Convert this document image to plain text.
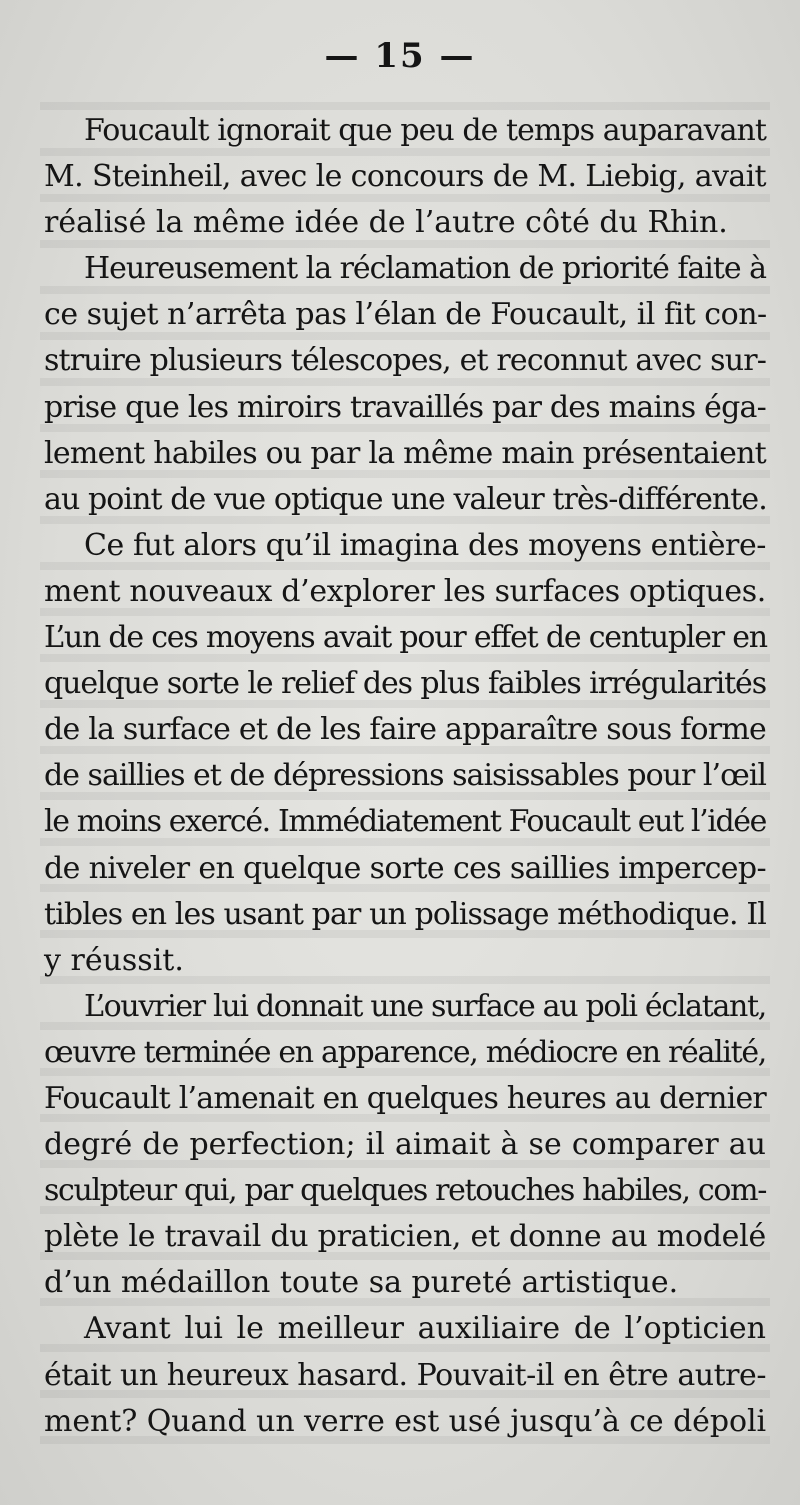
— 15 —
Foucault ignorait que peu de temps auparavant
M. Steinheil, avec le concours de M. Liebig, avait
réalisé la même idée de l’autre côté du Rhin.
Heureusement la réclamation de priorité faite à
ce sujet n’arrêta pas l’élan de Foucault, il fit con-
struire plusieurs télescopes, et reconnut avec sur-
prise que les miroirs travaillés par des mains éga-
lement habiles ou par la même main présentaient
au point de vue optique une valeur très-différente.
Ce fut alors qu’il imagina des moyens entière-
ment nouveaux d’explorer les surfaces optiques.
L’un de ces moyens avait pour effet de centupler en
quelque sorte le relief des plus faibles irrégularités
de la surface et de les faire apparaître sous forme
de saillies et de dépressions saisissables pour l’œil
le moins exercé. Immédiatement Foucault eut l’idée
de niveler en quelque sorte ces saillies impercep-
tibles en les usant par un polissage méthodique. Il
y réussit.
L’ouvrier lui donnait une surface au poli éclatant,
œuvre terminée en apparence, médiocre en réalité,
Foucault l’amenait en quelques heures au dernier
degré de perfection; il aimait à se comparer au
sculpteur qui, par quelques retouches habiles, com-
plète le travail du praticien, et donne au modelé
d’un médaillon toute sa pureté artistique.
Avant lui le meilleur auxiliaire de l’opticien
était un heureux hasard. Pouvait-il en être autre-
ment? Quand un verre est usé jusqu’à ce dépoli
